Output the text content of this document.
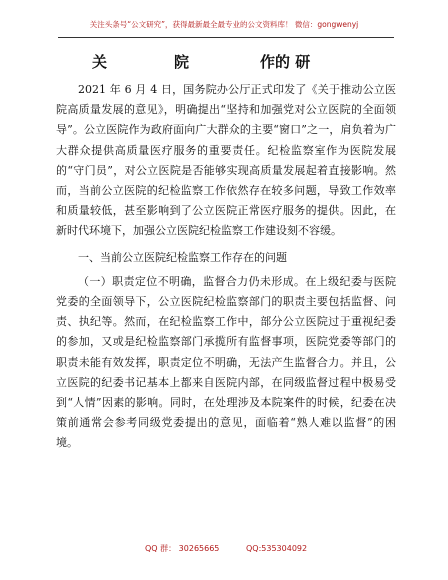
关注头条号“公文研究”，获得最新最全最专业的公文资料库！ 微信：gongwenyj
关	院	作的 研

2021 年 6 月 4 日，国务院办公厅正式印发了《关于推动公立医院高质量发展的意见》，明确提出“坚持和加强党对公立医院的全面领导”。公立医院作为政府面向广大群众的主要“窗口”之一，肩负着为广大群众提供高质量医疗服务的重要责任。纪检监察室作为医院发展的“守门员”，对公立医院是否能够实现高质量发展起着直接影响。然而，当前公立医院的纪检监察工作依然存在较多问题，导致工作效率和质量较低，甚至影响到了公立医院正常医疗服务的提供。因此，在新时代环境下，加强公立医院纪检监察工作建设刻不容缓。

一、当前公立医院纪检监察工作存在的问题

（一）职责定位不明确，监督合力仍未形成。在上级纪委与医院党委的全面领导下，公立医院纪检监察部门的职责主要包括监督、问责、执纪等。然而，在纪检监察工作中，部分公立医院过于重视纪委的参加，又或是纪检监察部门承揽所有监督事项，医院党委等部门的职责未能有效发挥，职责定位不明确，无法产生监督合力。并且，公立医院的纪委书记基本上都来自医院内部，在同级监督过程中极易受到“人情”因素的影响。同时，在处理涉及本院案件的时候，纪委在决策前通常会参考同级党委提出的意见，面临着“熟人难以监督”的困境。

QQ 群： 30265665	QQ:535304092
